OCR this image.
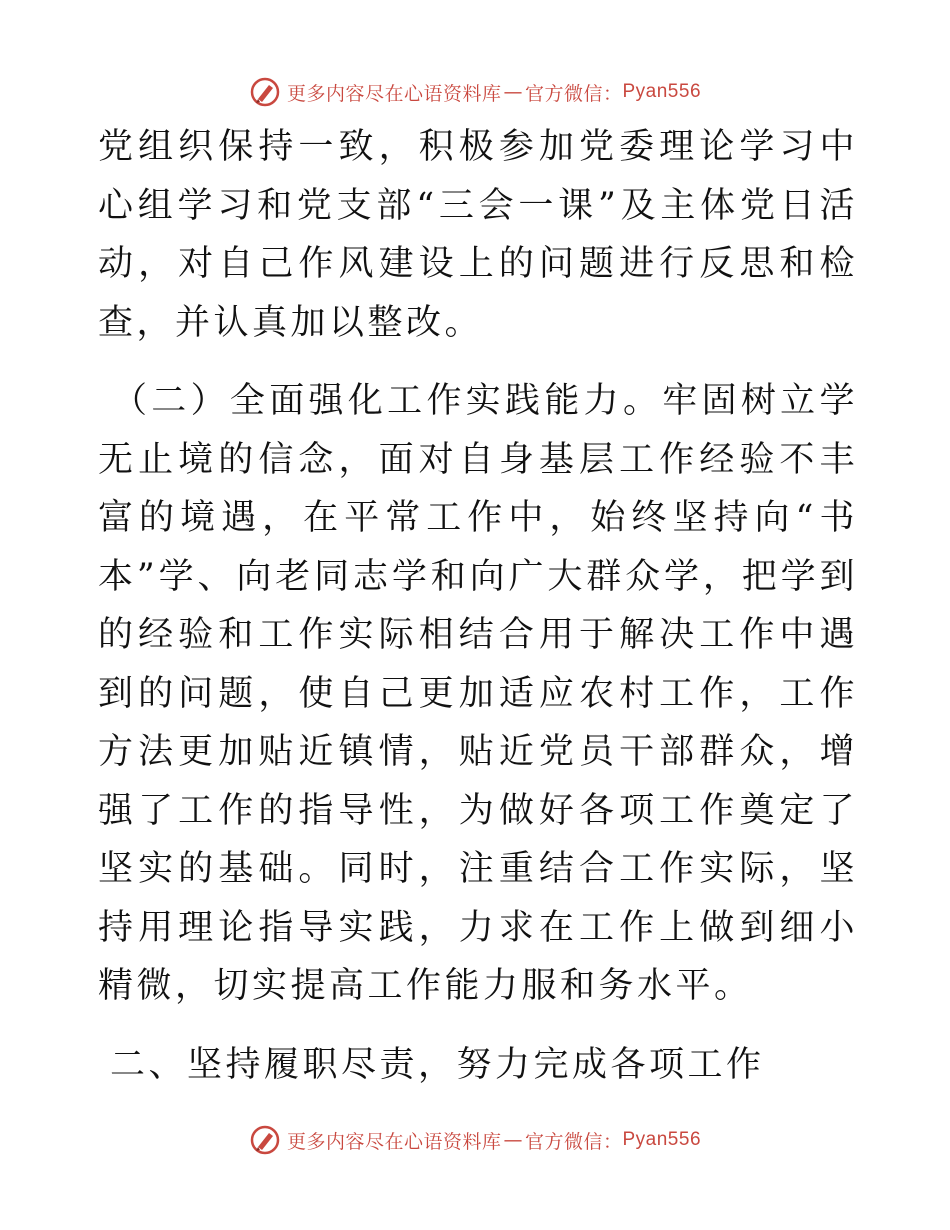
更多内容尽在心语资料库 — 官方微信： Pyan556

党组织保持一致，积极参加党委理论学习中心组学习和党支部“三会一课”及主体党日活动，对自己作风建设上的问题进行反思和检查，并认真加以整改。

（二）全面强化工作实践能力。牢固树立学无止境的信念，面对自身基层工作经验不丰富的境遇，在平常工作中，始终坚持向“书本”学、向老同志学和向广大群众学，把学到的经验和工作实际相结合用于解决工作中遇到的问题，使自己更加适应农村工作，工作方法更加贴近镇情，贴近党员干部群众，增强了工作的指导性，为做好各项工作奠定了坚实的基础。同时，注重结合工作实际，坚持用理论指导实践，力求在工作上做到细小精微，切实提高工作能力服和务水平。

二、坚持履职尽责，努力完成各项工作

更多内容尽在心语资料库 — 官方微信： Pyan556
